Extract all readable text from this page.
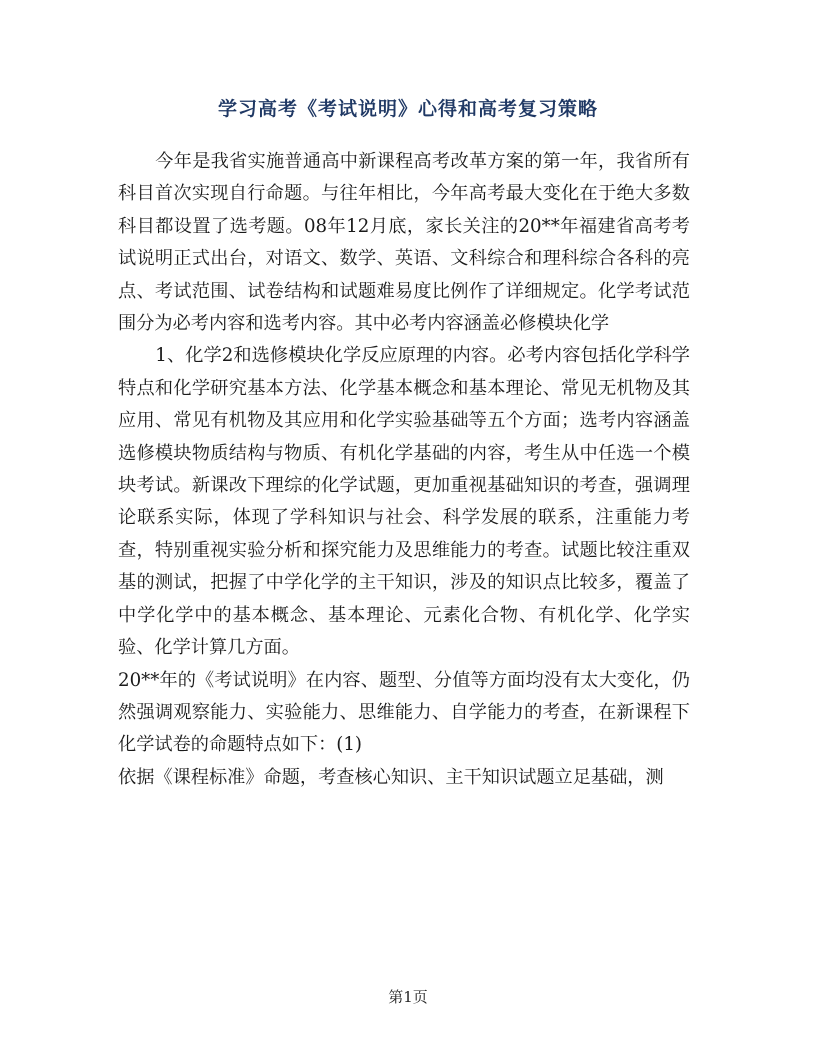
学习高考《考试说明》心得和高考复习策略

今年是我省实施普通高中新课程高考改革方案的第一年，我省所有科目首次实现自行命题。与往年相比，今年高考最大变化在于绝大多数科目都设置了选考题。08年12月底，家长关注的20**年福建省高考考试说明正式出台，对语文、数学、英语、文科综合和理科综合各科的亮点、考试范围、试卷结构和试题难易度比例作了详细规定。化学考试范围分为必考内容和选考内容。其中必考内容涵盖必修模块化学

1、化学2和选修模块化学反应原理的内容。必考内容包括化学科学特点和化学研究基本方法、化学基本概念和基本理论、常见无机物及其应用、常见有机物及其应用和化学实验基础等五个方面；选考内容涵盖选修模块物质结构与物质、有机化学基础的内容，考生从中任选一个模块考试。新课改下理综的化学试题，更加重视基础知识的考查，强调理论联系实际，体现了学科知识与社会、科学发展的联系，注重能力考查，特别重视实验分析和探究能力及思维能力的考查。试题比较注重双基的测试，把握了中学化学的主干知识，涉及的知识点比较多，覆盖了中学化学中的基本概念、基本理论、元素化合物、有机化学、化学实验、化学计算几方面。

20**年的《考试说明》在内容、题型、分值等方面均没有太大变化，仍然强调观察能力、实验能力、思维能力、自学能力的考查，在新课程下化学试卷的命题特点如下：(1)

依据《课程标准》命题，考查核心知识、主干知识试题立足基础，测

第1页
